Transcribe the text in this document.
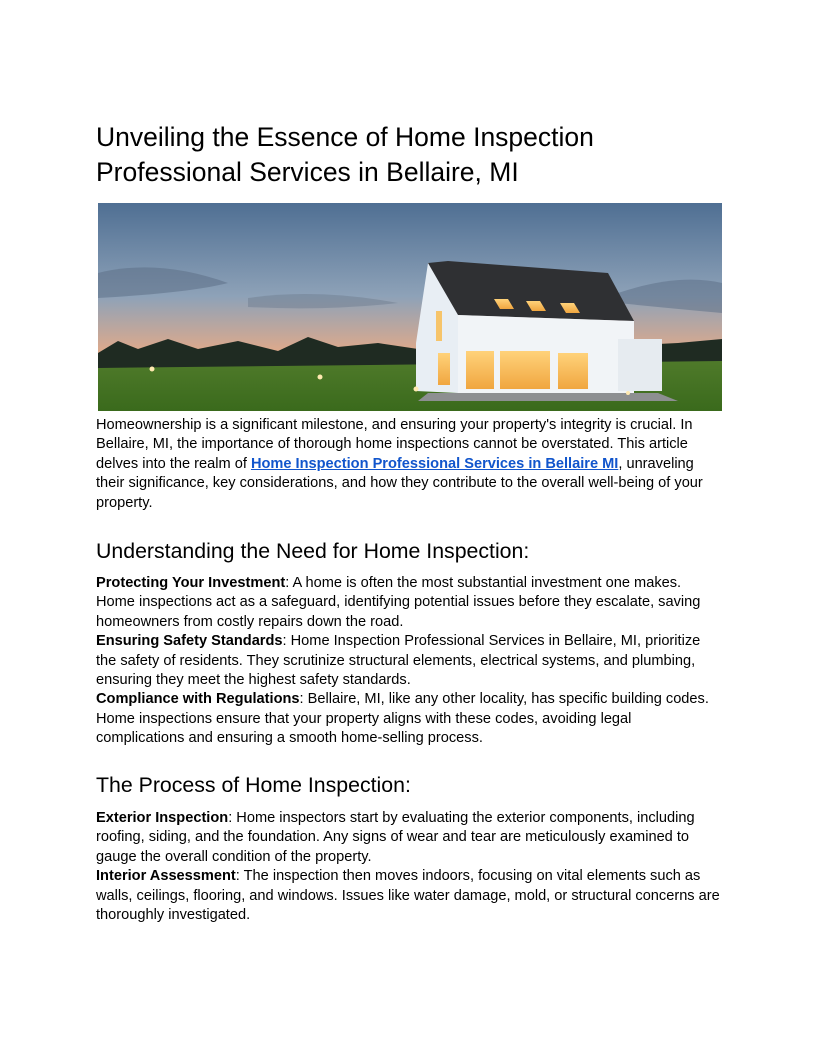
Unveiling the Essence of Home Inspection Professional Services in Bellaire, MI

Homeownership is a significant milestone, and ensuring your property's integrity is crucial. In Bellaire, MI, the importance of thorough home inspections cannot be overstated. This article delves into the realm of Home Inspection Professional Services in Bellaire MI, unraveling their significance, key considerations, and how they contribute to the overall well-being of your property.

Understanding the Need for Home Inspection:

Protecting Your Investment: A home is often the most substantial investment one makes. Home inspections act as a safeguard, identifying potential issues before they escalate, saving homeowners from costly repairs down the road.
Ensuring Safety Standards: Home Inspection Professional Services in Bellaire, MI, prioritize the safety of residents. They scrutinize structural elements, electrical systems, and plumbing, ensuring they meet the highest safety standards.
Compliance with Regulations: Bellaire, MI, like any other locality, has specific building codes. Home inspections ensure that your property aligns with these codes, avoiding legal complications and ensuring a smooth home-selling process.

The Process of Home Inspection:

Exterior Inspection: Home inspectors start by evaluating the exterior components, including roofing, siding, and the foundation. Any signs of wear and tear are meticulously examined to gauge the overall condition of the property.
Interior Assessment: The inspection then moves indoors, focusing on vital elements such as walls, ceilings, flooring, and windows. Issues like water damage, mold, or structural concerns are thoroughly investigated.
